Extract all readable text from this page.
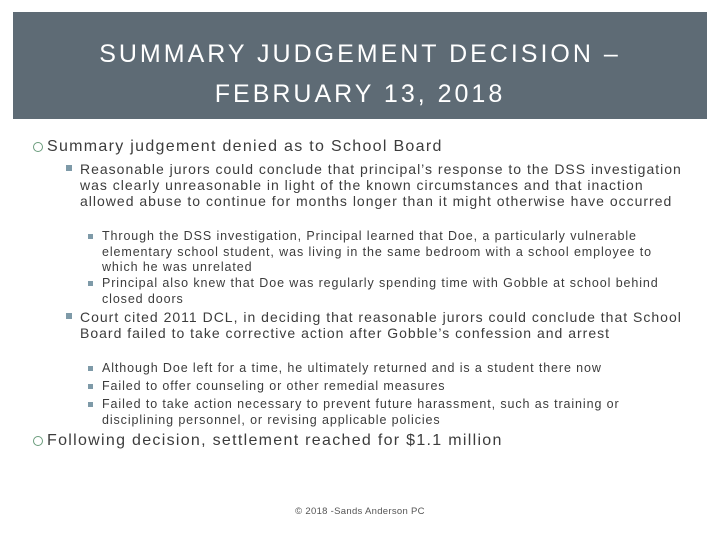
SUMMARY JUDGEMENT DECISION –
FEBRUARY 13, 2018
Summary judgement denied as to School Board
Reasonable jurors could conclude that principal’s response to the DSS investigation was clearly unreasonable in light of the known circumstances and that inaction allowed abuse to continue for months longer than it might otherwise have occurred
Through the DSS investigation, Principal learned that Doe, a particularly vulnerable elementary school student, was living in the same bedroom with a school employee to which he was unrelated
Principal also knew that Doe was regularly spending time with Gobble at school behind closed doors
Court cited 2011 DCL, in deciding that reasonable jurors could conclude that School Board failed to take corrective action after Gobble’s confession and arrest
Although Doe left for a time, he ultimately returned and is a student there now
Failed to offer counseling or other remedial measures
Failed to take action necessary to prevent future harassment, such as training or disciplining personnel, or revising applicable policies
Following decision, settlement reached for $1.1 million
© 2018 -Sands Anderson PC
